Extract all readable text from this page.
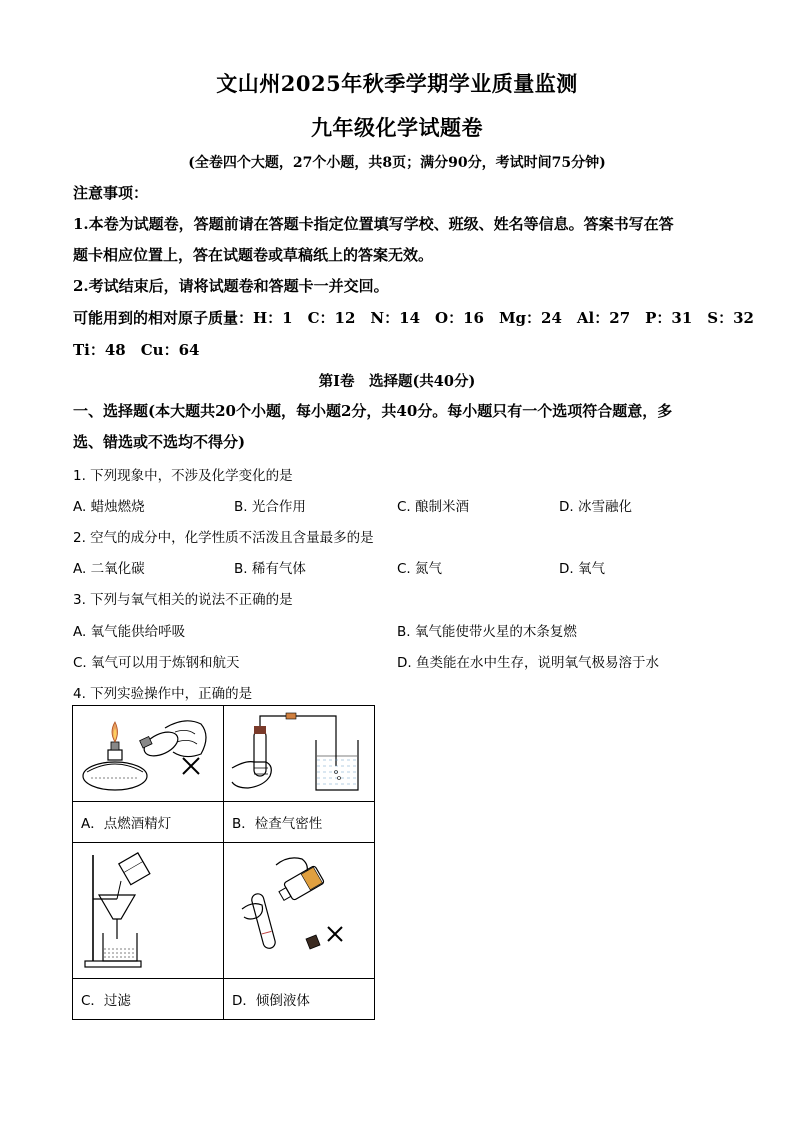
文山州2025年秋季学期学业质量监测
九年级化学试题卷
(全卷四个大题，27个小题，共8页；满分90分，考试时间75分钟)
注意事项：
1.本卷为试题卷，答题前请在答题卡指定位置填写学校、班级、姓名等信息。答案书写在答
题卡相应位置上，答在试题卷或草稿纸上的答案无效。
2.考试结束后，请将试题卷和答题卡一并交回。
可能用到的相对原子质量：H：1　C：12　N：14　O：16　Mg：24　Al：27　P：31　S：32
Ti：48　Cu：64
第Ⅰ卷　选择题(共40分)
一、选择题(本大题共20个小题，每小题2分，共40分。每小题只有一个选项符合题意，多
选、错选或不选均不得分)
1. 下列现象中，不涉及化学变化的是
A. 蜡烛燃烧	B. 光合作用	C. 酿制米酒	D. 冰雪融化
2. 空气的成分中，化学性质不活泼且含量最多的是
A. 二氧化碳	B. 稀有气体	C. 氮气	D. 氧气
3. 下列与氧气相关的说法不正确的是
A. 氧气能供给呼吸	B. 氧气能使带火星的木条复燃
C. 氧气可以用于炼钢和航天	D. 鱼类能在水中生存，说明氧气极易溶于水
4. 下列实验操作中，正确的是

A．点燃酒精灯	B．检查气密性

C．过滤	D．倾倒液体
